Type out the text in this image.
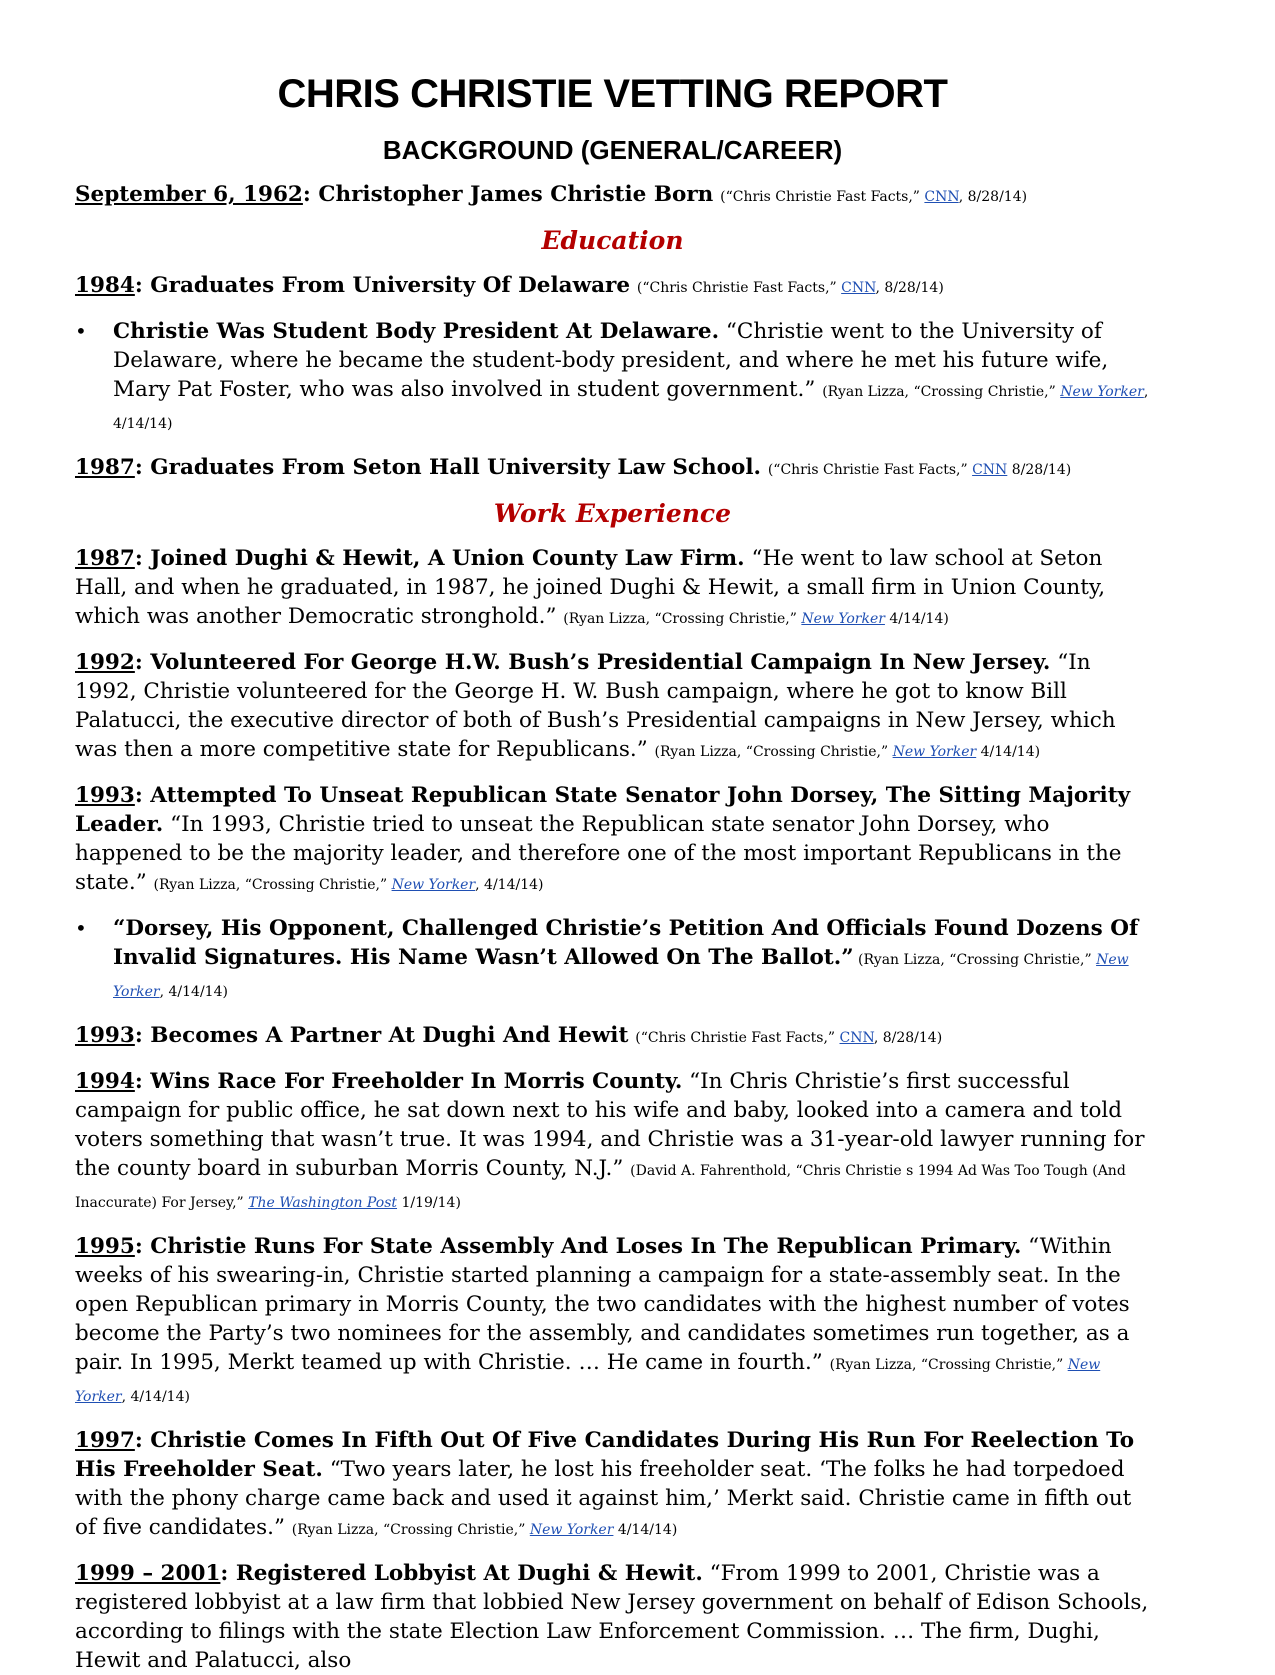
CHRIS CHRISTIE VETTING REPORT
BACKGROUND (GENERAL/CAREER)
September 6, 1962: Christopher James Christie Born (“Chris Christie Fast Facts,” CNN, 8/28/14)
Education
1984: Graduates From University Of Delaware (“Chris Christie Fast Facts,” CNN, 8/28/14)
• Christie Was Student Body President At Delaware. “Christie went to the University of Delaware, where he became the student-body president, and where he met his future wife, Mary Pat Foster, who was also involved in student government.” (Ryan Lizza, “Crossing Christie,” New Yorker, 4/14/14)
1987: Graduates From Seton Hall University Law School. (“Chris Christie Fast Facts,” CNN 8/28/14)
Work Experience
1987: Joined Dughi & Hewit, A Union County Law Firm. “He went to law school at Seton Hall, and when he graduated, in 1987, he joined Dughi & Hewit, a small firm in Union County, which was another Democratic stronghold.” (Ryan Lizza, “Crossing Christie,” New Yorker 4/14/14)
1992: Volunteered For George H.W. Bush’s Presidential Campaign In New Jersey. “In 1992, Christie volunteered for the George H. W. Bush campaign, where he got to know Bill Palatucci, the executive director of both of Bush’s Presidential campaigns in New Jersey, which was then a more competitive state for Republicans.” (Ryan Lizza, “Crossing Christie,” New Yorker 4/14/14)
1993: Attempted To Unseat Republican State Senator John Dorsey, The Sitting Majority Leader. “In 1993, Christie tried to unseat the Republican state senator John Dorsey, who happened to be the majority leader, and therefore one of the most important Republicans in the state.” (Ryan Lizza, “Crossing Christie,” New Yorker, 4/14/14)
• “Dorsey, His Opponent, Challenged Christie’s Petition And Officials Found Dozens Of Invalid Signatures. His Name Wasn’t Allowed On The Ballot.” (Ryan Lizza, “Crossing Christie,” New Yorker, 4/14/14)
1993: Becomes A Partner At Dughi And Hewit (“Chris Christie Fast Facts,” CNN, 8/28/14)
1994: Wins Race For Freeholder In Morris County. “In Chris Christie’s first successful campaign for public office, he sat down next to his wife and baby, looked into a camera and told voters something that wasn’t true. It was 1994, and Christie was a 31-year-old lawyer running for the county board in suburban Morris County, N.J.” (David A. Fahrenthold, “Chris Christie s 1994 Ad Was Too Tough (And Inaccurate) For Jersey,” The Washington Post 1/19/14)
1995: Christie Runs For State Assembly And Loses In The Republican Primary. “Within weeks of his swearing-in, Christie started planning a campaign for a state-assembly seat. In the open Republican primary in Morris County, the two candidates with the highest number of votes become the Party’s two nominees for the assembly, and candidates sometimes run together, as a pair. In 1995, Merkt teamed up with Christie. … He came in fourth.” (Ryan Lizza, “Crossing Christie,” New Yorker, 4/14/14)
1997: Christie Comes In Fifth Out Of Five Candidates During His Run For Reelection To His Freeholder Seat. “Two years later, he lost his freeholder seat. ‘The folks he had torpedoed with the phony charge came back and used it against him,’ Merkt said. Christie came in fifth out of five candidates.” (Ryan Lizza, “Crossing Christie,” New Yorker 4/14/14)
1999 – 2001: Registered Lobbyist At Dughi & Hewit. “From 1999 to 2001, Christie was a registered lobbyist at a law firm that lobbied New Jersey government on behalf of Edison Schools, according to filings with the state Election Law Enforcement Commission. … The firm, Dughi, Hewit and Palatucci, also
